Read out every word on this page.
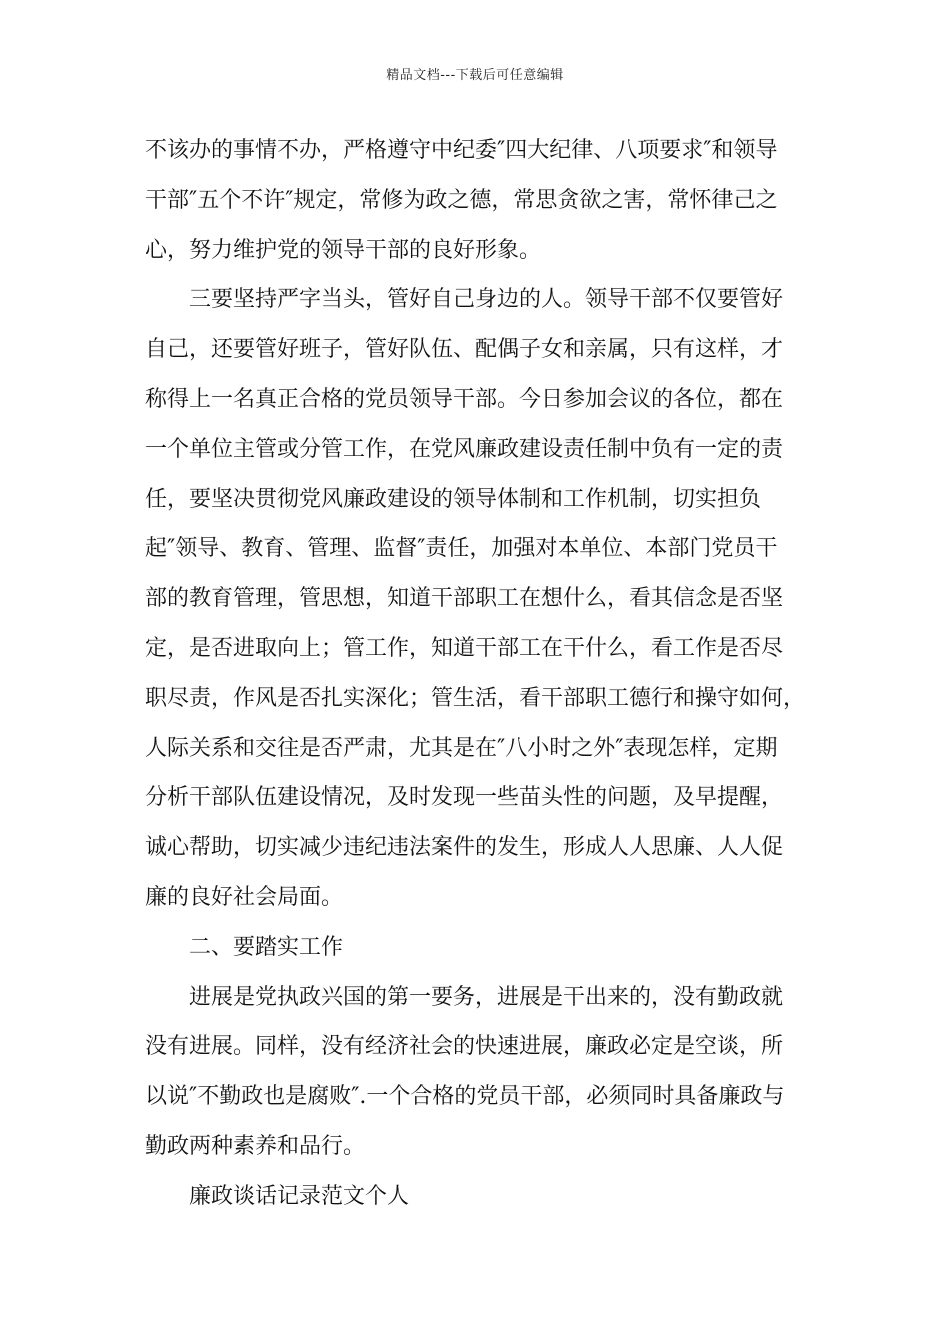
精品文档---下载后可任意编辑
不该办的事情不办，严格遵守中纪委″四大纪律、八项要求″和领导
干部″五个不许″规定，常修为政之德，常思贪欲之害，常怀律己之
心，努力维护党的领导干部的良好形象。
三要坚持严字当头，管好自己身边的人。领导干部不仅要管好
自己，还要管好班子，管好队伍、配偶子女和亲属，只有这样，才
称得上一名真正合格的党员领导干部。今日参加会议的各位，都在
一个单位主管或分管工作，在党风廉政建设责任制中负有一定的责
任，要坚决贯彻党风廉政建设的领导体制和工作机制，切实担负
起″领导、教育、管理、监督″责任，加强对本单位、本部门党员干
部的教育管理，管思想，知道干部职工在想什么，看其信念是否坚
定，是否进取向上；管工作，知道干部工在干什么，看工作是否尽
职尽责，作风是否扎实深化；管生活，看干部职工德行和操守如何，
人际关系和交往是否严肃，尤其是在″八小时之外″表现怎样，定期
分析干部队伍建设情况，及时发现一些苗头性的问题，及早提醒，
诚心帮助，切实减少违纪违法案件的发生，形成人人思廉、人人促
廉的良好社会局面。
二、要踏实工作
进展是党执政兴国的第一要务，进展是干出来的，没有勤政就
没有进展。同样，没有经济社会的快速进展，廉政必定是空谈，所
以说″不勤政也是腐败″.一个合格的党员干部，必须同时具备廉政与
勤政两种素养和品行。
廉政谈话记录范文个人
